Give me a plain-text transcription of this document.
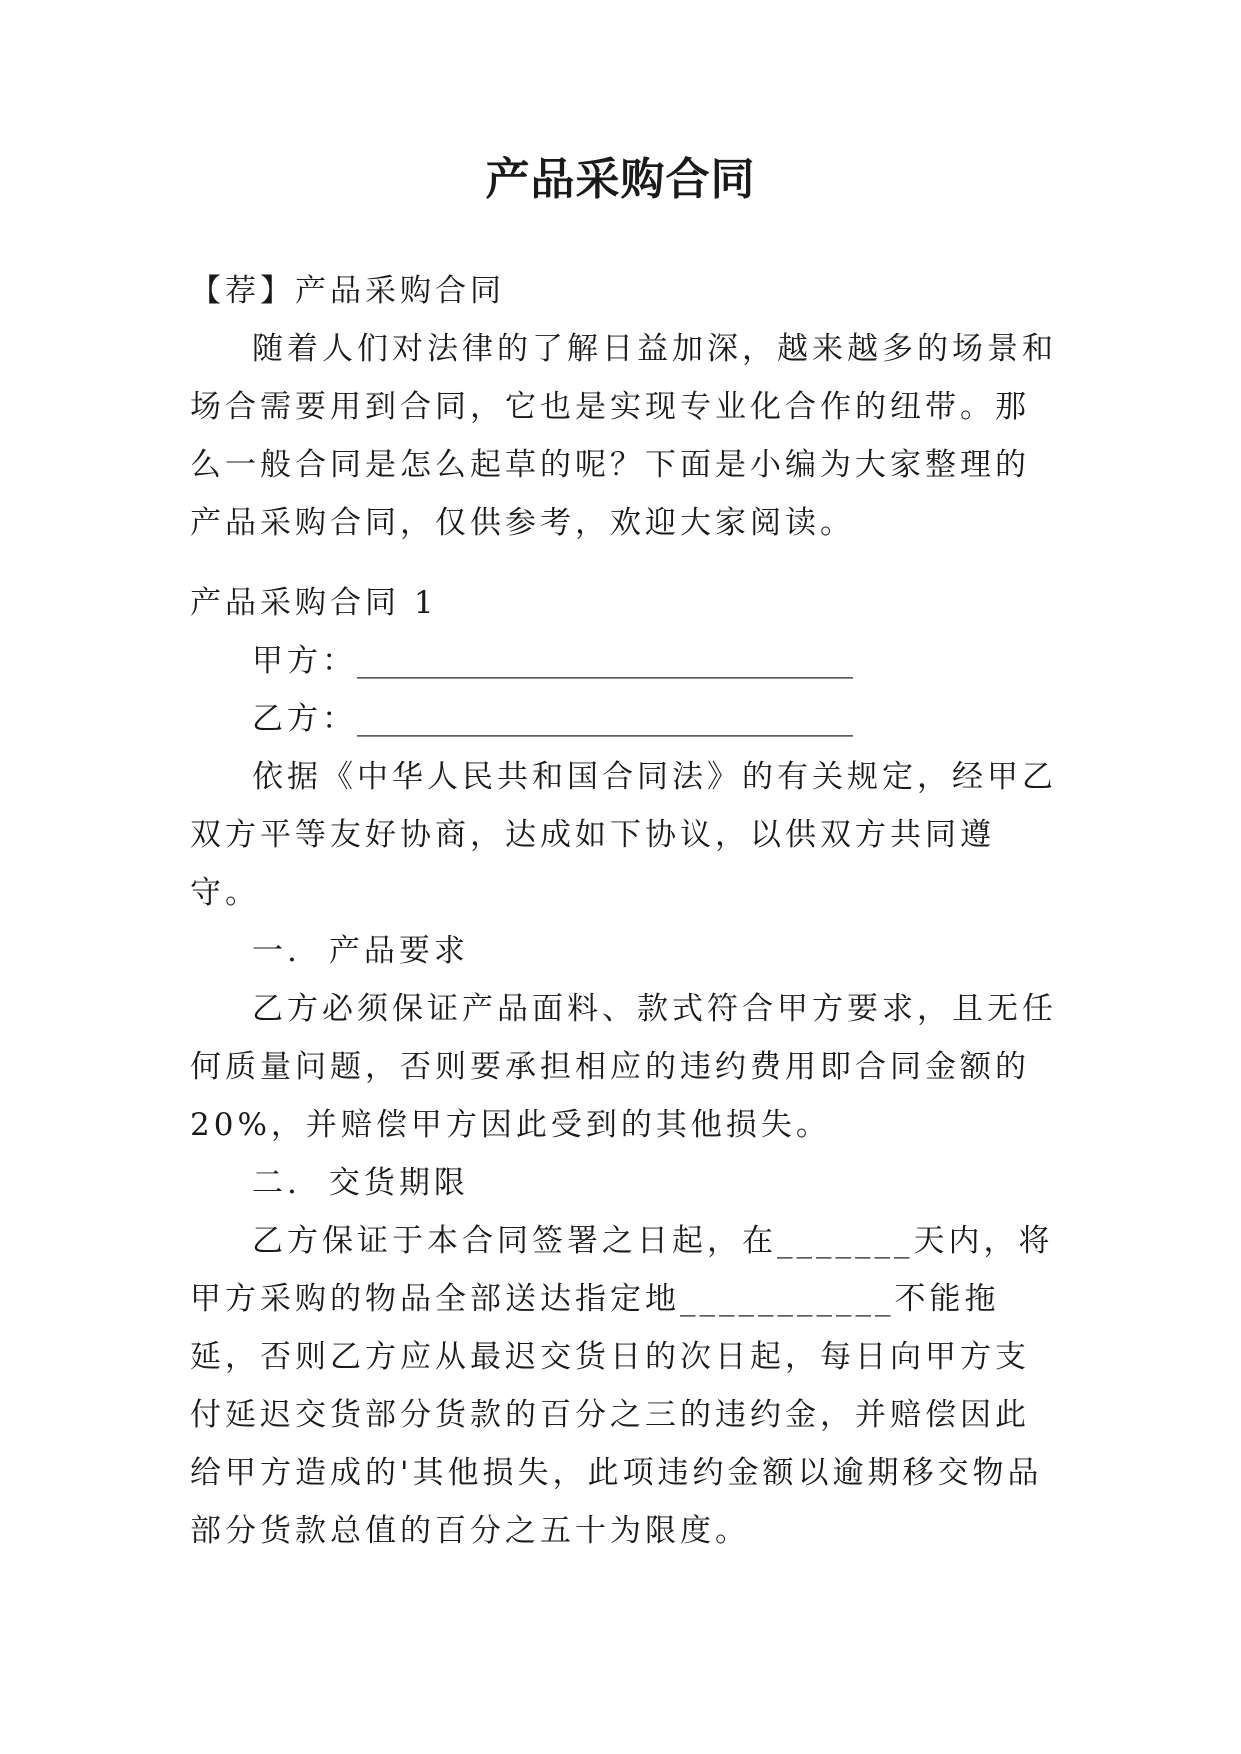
产品采购合同

【荐】产品采购合同

随着人们对法律的了解日益加深，越来越多的场景和场合需要用到合同，它也是实现专业化合作的纽带。那么一般合同是怎么起草的呢？下面是小编为大家整理的产品采购合同，仅供参考，欢迎大家阅读。

产品采购合同 1

甲方：________________________________

乙方：________________________________

依据《中华人民共和国合同法》的有关规定，经甲乙双方平等友好协商，达成如下协议，以供双方共同遵守。

一. 产品要求

乙方必须保证产品面料、款式符合甲方要求，且无任何质量问题，否则要承担相应的违约费用即合同金额的20%，并赔偿甲方因此受到的其他损失。

二. 交货期限

乙方保证于本合同签署之日起，在_______天内，将甲方采购的物品全部送达指定地___________不能拖延，否则乙方应从最迟交货日的次日起，每日向甲方支付延迟交货部分货款的百分之三的违约金，并赔偿因此给甲方造成的'其他损失，此项违约金额以逾期移交物品部分货款总值的百分之五十为限度。
